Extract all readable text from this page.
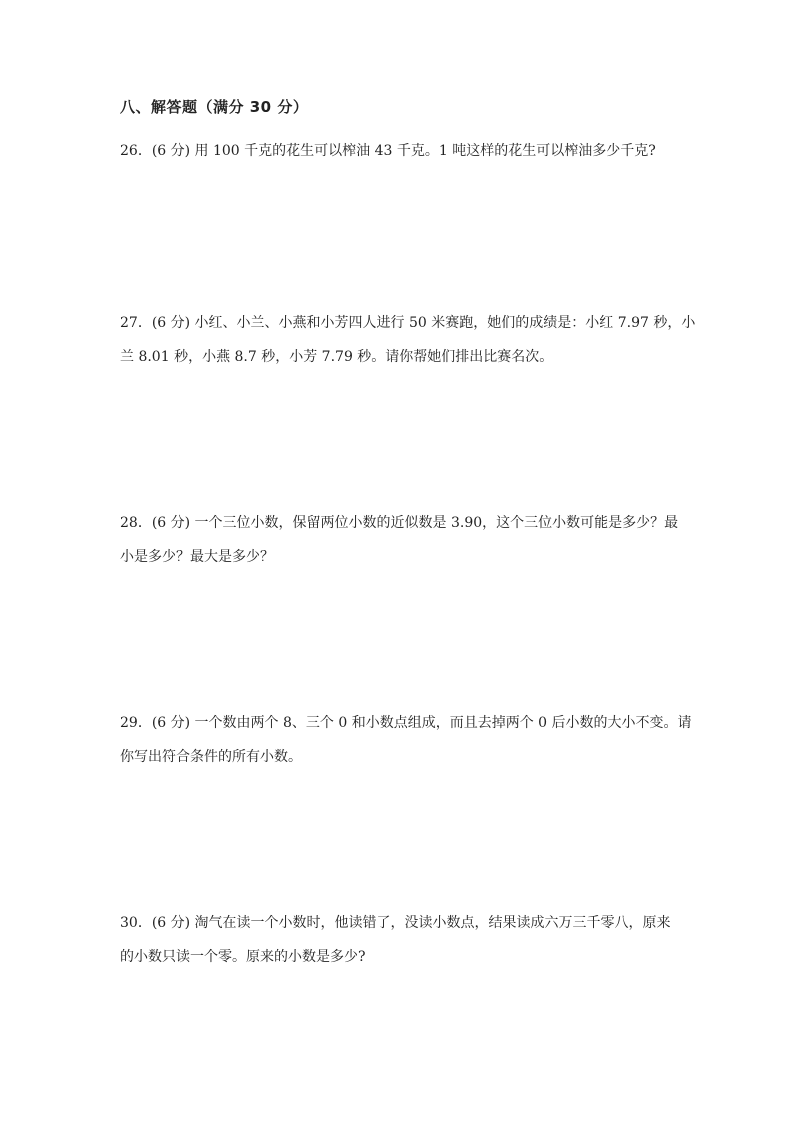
八、解答题（满分 30 分）
26．(6 分) 用 100 千克的花生可以榨油 43 千克。1 吨这样的花生可以榨油多少千克?
27．(6 分) 小红、小兰、小燕和小芳四人进行 50 米赛跑，她们的成绩是：小红 7.97 秒，小
兰 8.01 秒，小燕 8.7 秒，小芳 7.79 秒。请你帮她们排出比赛名次。
28．(6 分) 一个三位小数，保留两位小数的近似数是 3.90，这个三位小数可能是多少？最
小是多少？最大是多少？
29．(6 分) 一个数由两个 8、三个 0 和小数点组成，而且去掉两个 0 后小数的大小不变。请
你写出符合条件的所有小数。
30．(6 分) 淘气在读一个小数时，他读错了，没读小数点，结果读成六万三千零八，原来
的小数只读一个零。原来的小数是多少?
